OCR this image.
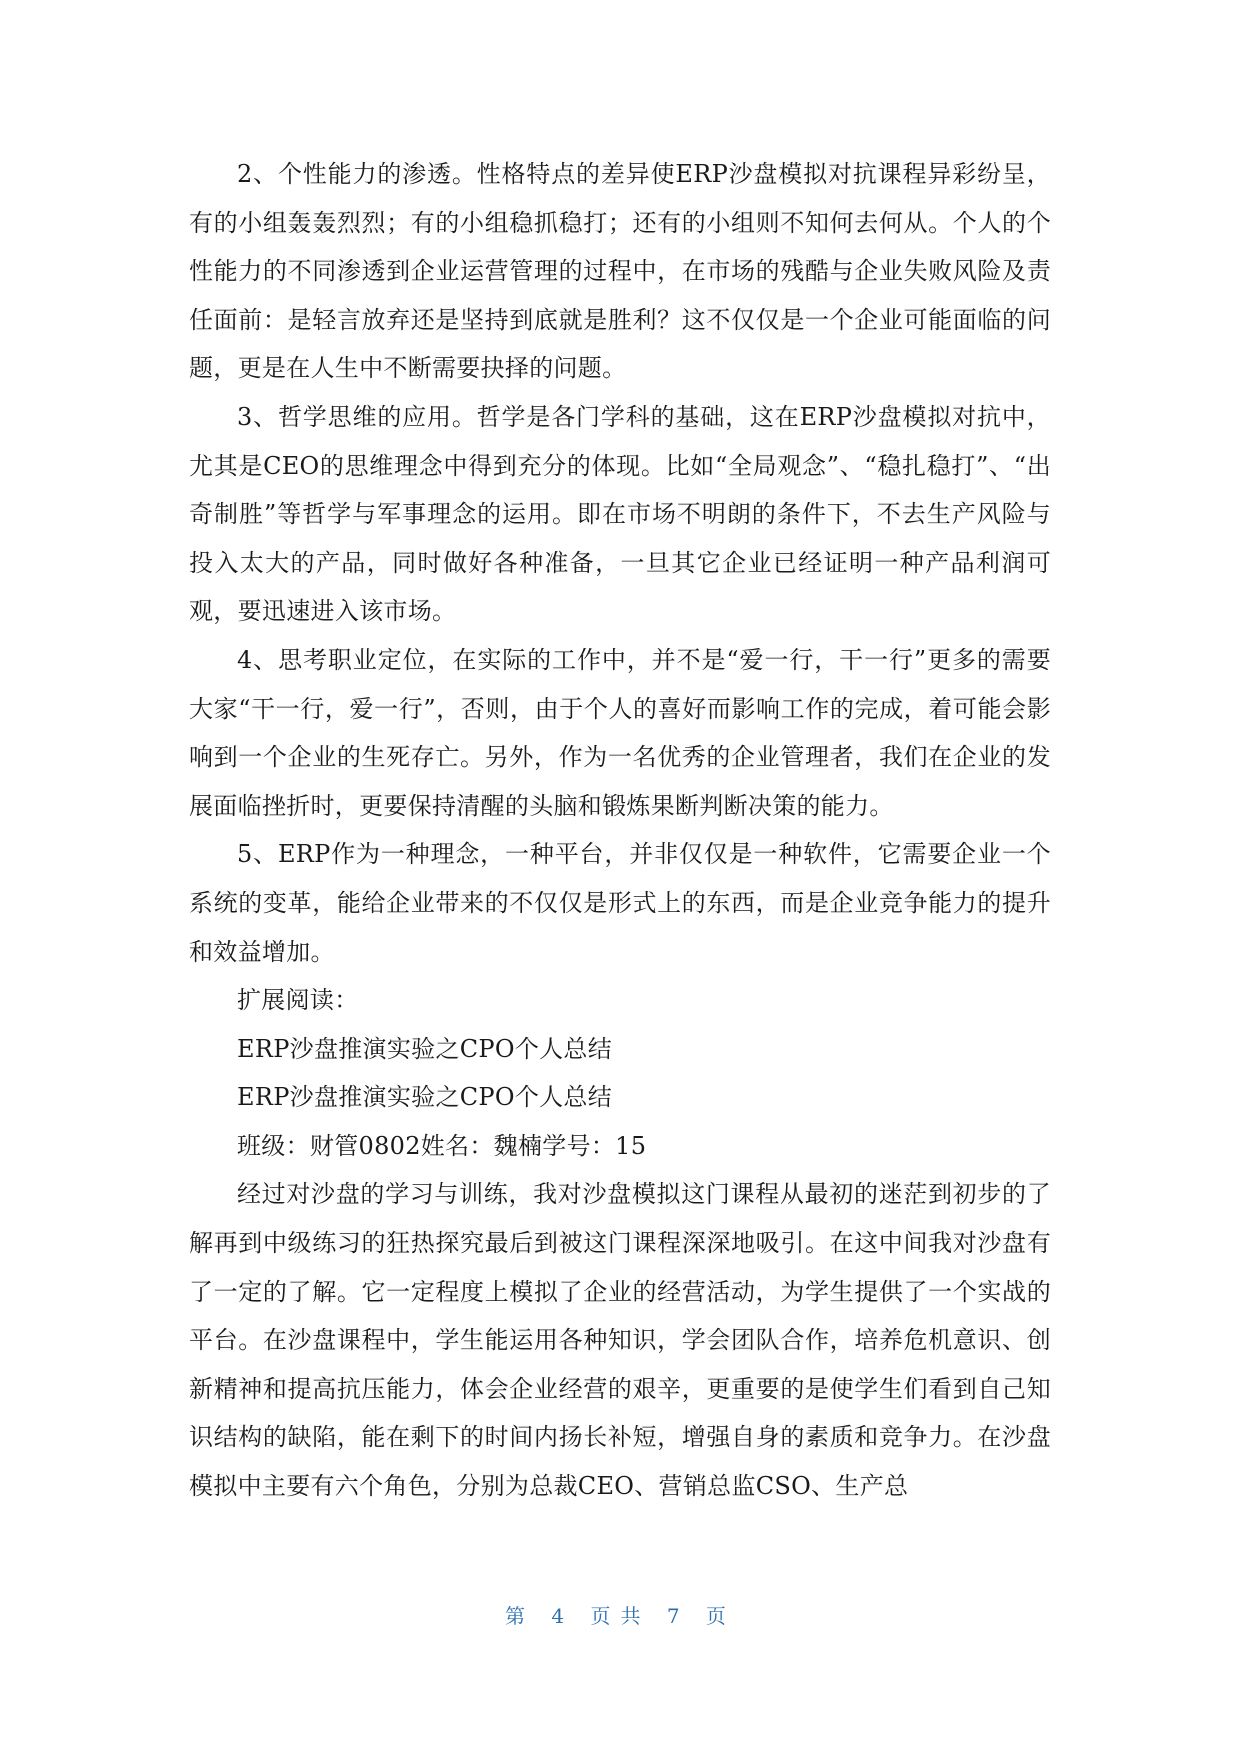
2、个性能力的渗透。性格特点的差异使ERP沙盘模拟对抗课程异彩纷呈，有的小组轰轰烈烈；有的小组稳抓稳打；还有的小组则不知何去何从。个人的个性能力的不同渗透到企业运营管理的过程中，在市场的残酷与企业失败风险及责任面前：是轻言放弃还是坚持到底就是胜利？这不仅仅是一个企业可能面临的问题，更是在人生中不断需要抉择的问题。

3、哲学思维的应用。哲学是各门学科的基础，这在ERP沙盘模拟对抗中，尤其是CEO的思维理念中得到充分的体现。比如“全局观念”、“稳扎稳打”、“出奇制胜”等哲学与军事理念的运用。即在市场不明朗的条件下，不去生产风险与投入太大的产品，同时做好各种准备，一旦其它企业已经证明一种产品利润可观，要迅速进入该市场。

4、思考职业定位，在实际的工作中，并不是“爱一行，干一行”更多的需要大家“干一行，爱一行”，否则，由于个人的喜好而影响工作的完成，着可能会影响到一个企业的生死存亡。另外，作为一名优秀的企业管理者，我们在企业的发展面临挫折时，更要保持清醒的头脑和锻炼果断判断决策的能力。

5、ERP作为一种理念，一种平台，并非仅仅是一种软件，它需要企业一个系统的变革，能给企业带来的不仅仅是形式上的东西，而是企业竞争能力的提升和效益增加。

扩展阅读：

ERP沙盘推演实验之CPO个人总结

ERP沙盘推演实验之CPO个人总结

班级：财管0802姓名：魏楠学号：15

经过对沙盘的学习与训练，我对沙盘模拟这门课程从最初的迷茫到初步的了解再到中级练习的狂热探究最后到被这门课程深深地吸引。在这中间我对沙盘有了一定的了解。它一定程度上模拟了企业的经营活动，为学生提供了一个实战的平台。在沙盘课程中，学生能运用各种知识，学会团队合作，培养危机意识、创新精神和提高抗压能力，体会企业经营的艰辛，更重要的是使学生们看到自己知识结构的缺陷，能在剩下的时间内扬长补短，增强自身的素质和竞争力。在沙盘模拟中主要有六个角色，分别为总裁CEO、营销总监CSO、生产总

第 4 页共 7 页
